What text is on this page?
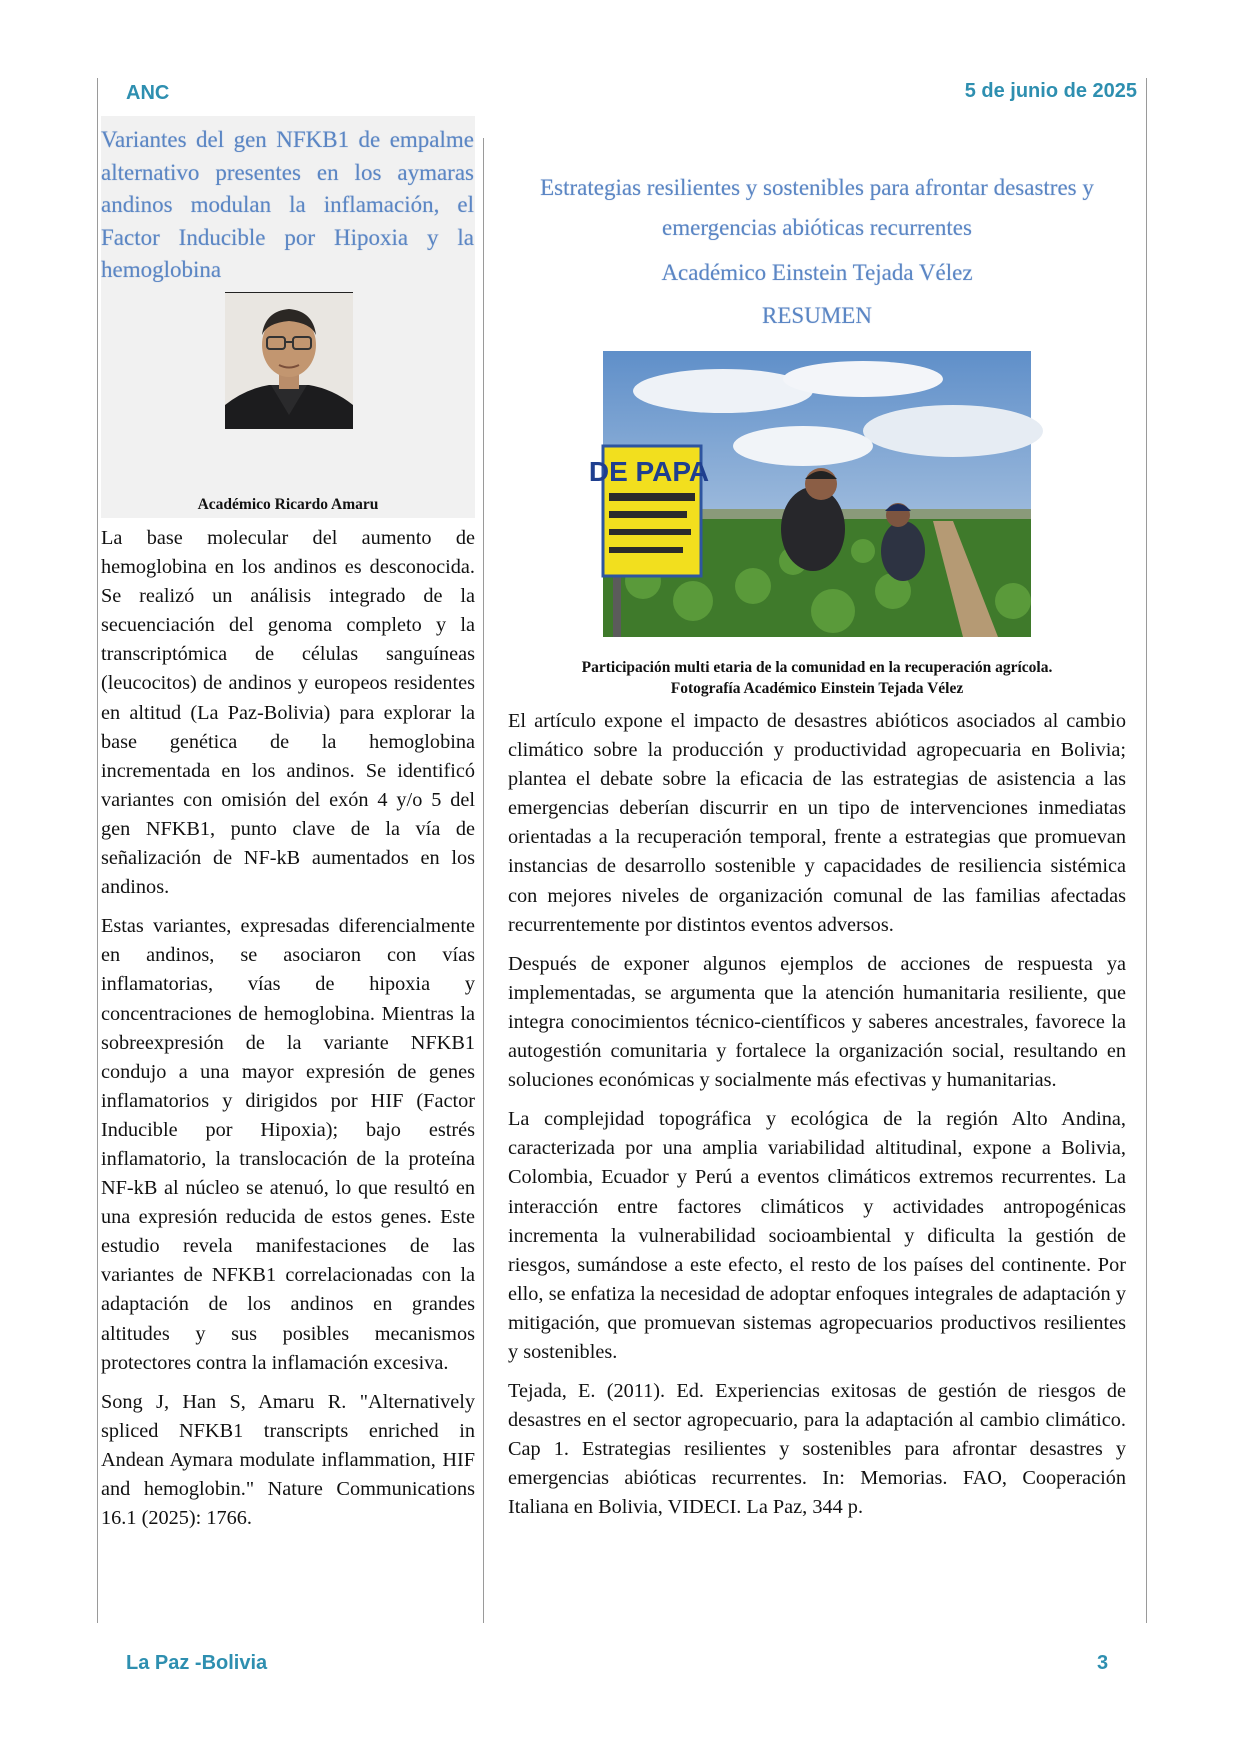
ANC	5 de junio de 2025

Variantes del gen NFKB1 de empalme alternativo presentes en los aymaras andinos modulan la inflamación, el Factor Inducible por Hipoxia y la hemoglobina

Académico Ricardo Amaru

La base molecular del aumento de hemoglobina en los andinos es desconocida. Se realizó un análisis integrado de la secuenciación del genoma completo y la transcriptómica de células sanguíneas (leucocitos) de andinos y europeos residentes en altitud (La Paz-Bolivia) para explorar la base genética de la hemoglobina incrementada en los andinos. Se identificó variantes con omisión del exón 4 y/o 5 del gen NFKB1, punto clave de la vía de señalización de NF-kB aumentados en los andinos.

Estas variantes, expresadas diferencialmente en andinos, se asociaron con vías inflamatorias, vías de hipoxia y concentraciones de hemoglobina. Mientras la sobreexpresión de la variante NFKB1 condujo a una mayor expresión de genes inflamatorios y dirigidos por HIF (Factor Inducible por Hipoxia); bajo estrés inflamatorio, la translocación de la proteína NF-kB al núcleo se atenuó, lo que resultó en una expresión reducida de estos genes. Este estudio revela manifestaciones de las variantes de NFKB1 correlacionadas con la adaptación de los andinos en grandes altitudes y sus posibles mecanismos protectores contra la inflamación excesiva.

Song J, Han S, Amaru R. "Alternatively spliced NFKB1 transcripts enriched in Andean Aymara modulate inflammation, HIF and hemoglobin." Nature Communications 16.1 (2025): 1766.

Estrategias resilientes y sostenibles para afrontar desastres y emergencias abióticas recurrentes

Académico Einstein Tejada Vélez

RESUMEN

DE PAPA

Participación multi etaria de la comunidad en la recuperación agrícola.
Fotografía Académico Einstein Tejada Vélez

El artículo expone el impacto de desastres abióticos asociados al cambio climático sobre la producción y productividad agropecuaria en Bolivia; plantea el debate sobre la eficacia de las estrategias de asistencia a las emergencias deberían discurrir en un tipo de intervenciones inmediatas orientadas a la recuperación temporal, frente a estrategias que promuevan instancias de desarrollo sostenible y capacidades de resiliencia sistémica con mejores niveles de organización comunal de las familias afectadas recurrentemente por distintos eventos adversos.

Después de exponer algunos ejemplos de acciones de respuesta ya implementadas, se argumenta que la atención humanitaria resiliente, que integra conocimientos técnico-científicos y saberes ancestrales, favorece la autogestión comunitaria y fortalece la organización social, resultando en soluciones económicas y socialmente más efectivas y humanitarias.

La complejidad topográfica y ecológica de la región Alto Andina, caracterizada por una amplia variabilidad altitudinal, expone a Bolivia, Colombia, Ecuador y Perú a eventos climáticos extremos recurrentes. La interacción entre factores climáticos y actividades antropogénicas incrementa la vulnerabilidad socioambiental y dificulta la gestión de riesgos, sumándose a este efecto, el resto de los países del continente. Por ello, se enfatiza la necesidad de adoptar enfoques integrales de adaptación y mitigación, que promuevan sistemas agropecuarios productivos resilientes y sostenibles.

Tejada, E. (2011). Ed. Experiencias exitosas de gestión de riesgos de desastres en el sector agropecuario, para la adaptación al cambio climático. Cap 1. Estrategias resilientes y sostenibles para afrontar desastres y emergencias abióticas recurrentes. In: Memorias. FAO, Cooperación Italiana en Bolivia, VIDECI. La Paz, 344 p.

La Paz -Bolivia	3
